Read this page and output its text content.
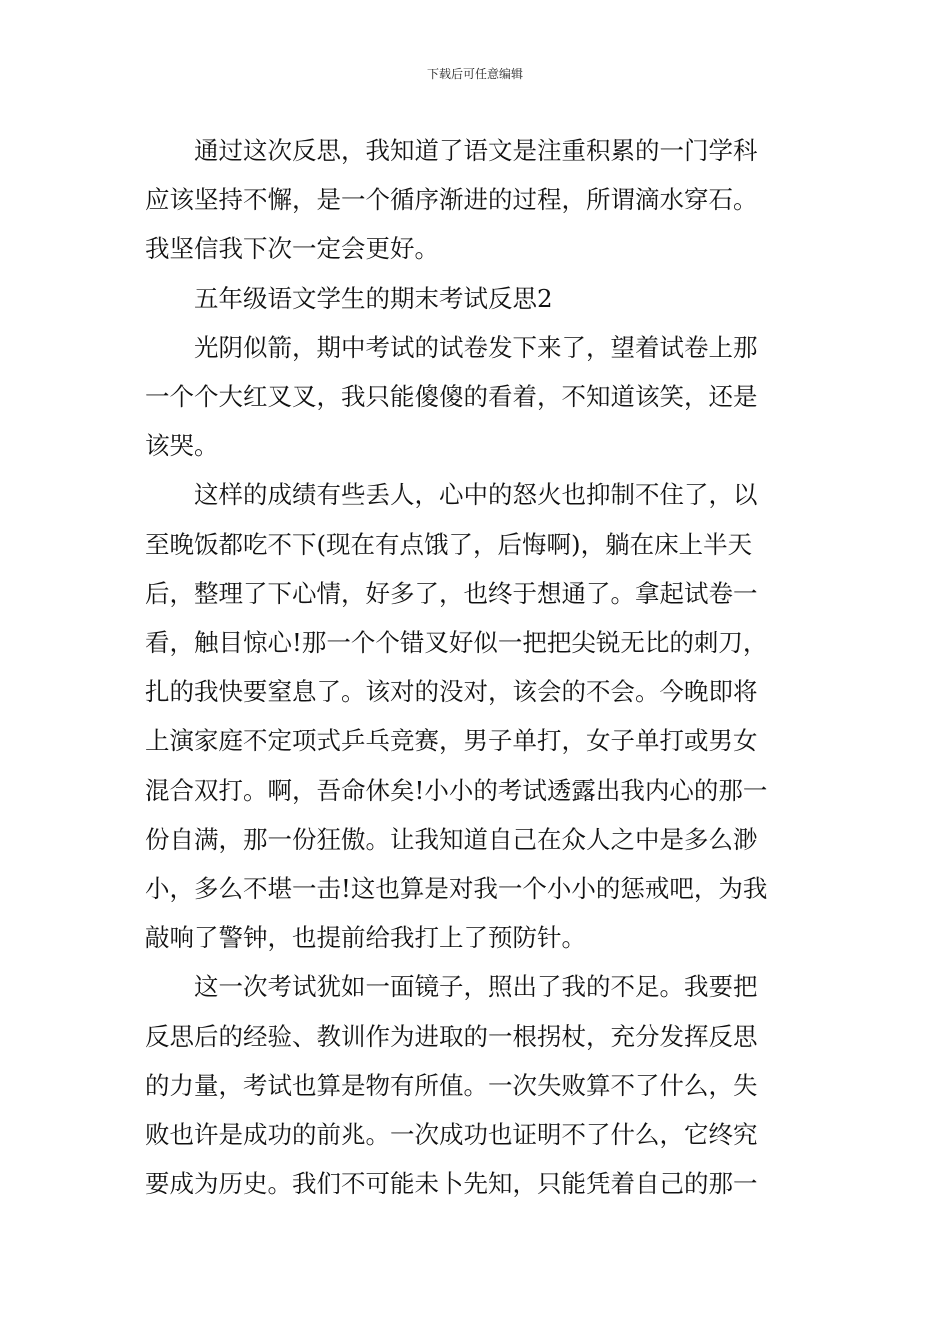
下载后可任意编辑

通过这次反思，我知道了语文是注重积累的一门学科
应该坚持不懈，是一个循序渐进的过程，所谓滴水穿石。
我坚信我下次一定会更好。

五年级语文学生的期末考试反思2

光阴似箭，期中考试的试卷发下来了，望着试卷上那
一个个大红叉叉，我只能傻傻的看着，不知道该笑，还是
该哭。

这样的成绩有些丢人，心中的怒火也抑制不住了，以
至晚饭都吃不下(现在有点饿了，后悔啊)，躺在床上半天
后，整理了下心情，好多了，也终于想通了。拿起试卷一
看，触目惊心!那一个个错叉好似一把把尖锐无比的刺刀，
扎的我快要窒息了。该对的没对，该会的不会。今晚即将
上演家庭不定项式乒乓竞赛，男子单打，女子单打或男女
混合双打。啊，吾命休矣!小小的考试透露出我内心的那一
份自满，那一份狂傲。让我知道自己在众人之中是多么渺
小，多么不堪一击!这也算是对我一个小小的惩戒吧，为我
敲响了警钟，也提前给我打上了预防针。

这一次考试犹如一面镜子，照出了我的不足。我要把
反思后的经验、教训作为进取的一根拐杖，充分发挥反思
的力量，考试也算是物有所值。一次失败算不了什么，失
败也许是成功的前兆。一次成功也证明不了什么，它终究
要成为历史。我们不可能未卜先知，只能凭着自己的那一
